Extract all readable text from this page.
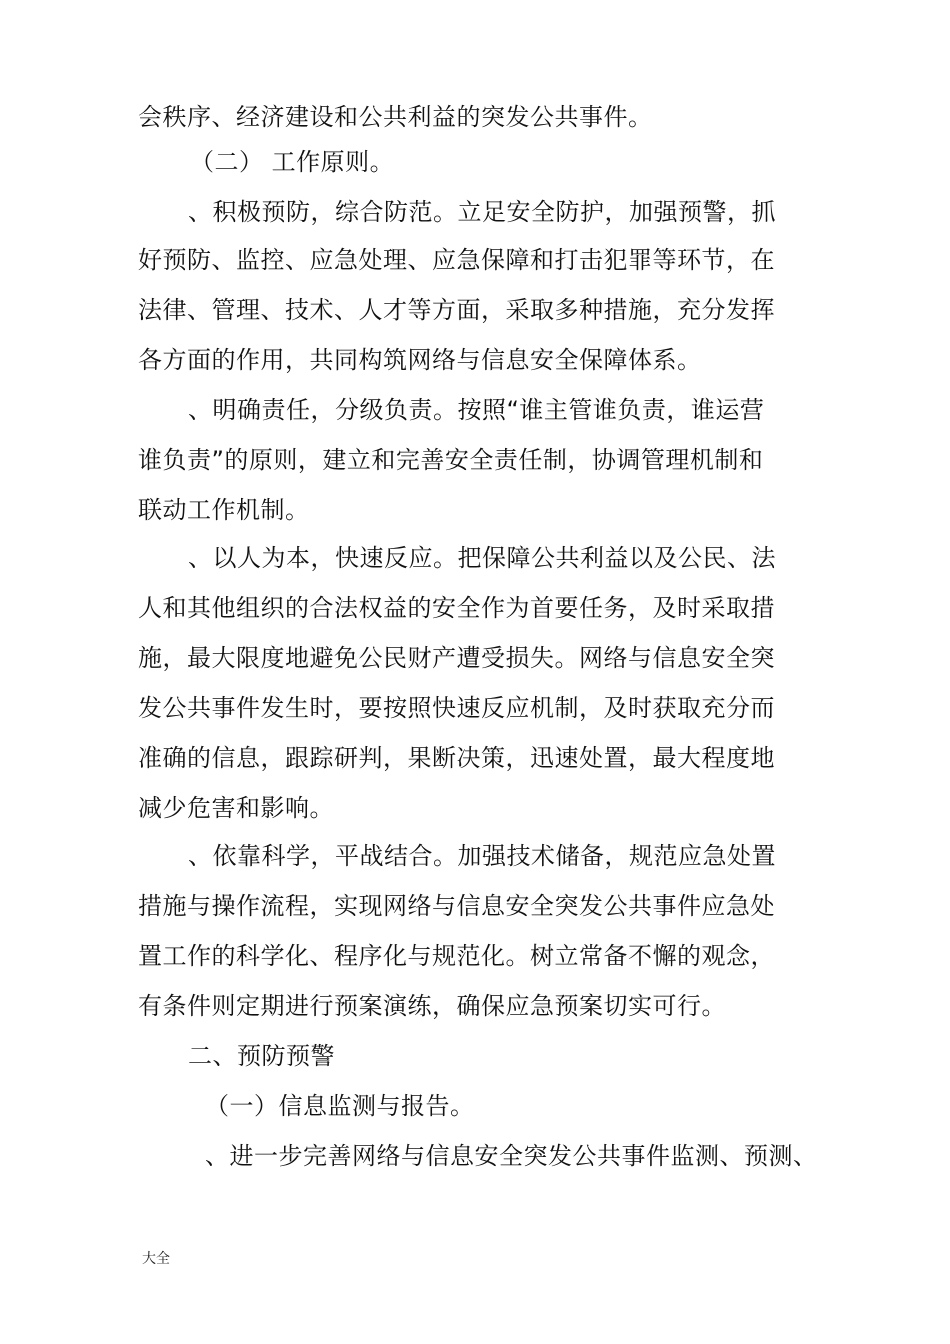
会秩序、经济建设和公共利益的突发公共事件。
（二） 工作原则。
、积极预防，综合防范。立足安全防护，加强预警，抓
好预防、监控、应急处理、应急保障和打击犯罪等环节，在
法律、管理、技术、人才等方面，采取多种措施，充分发挥
各方面的作用，共同构筑网络与信息安全保障体系。
、明确责任，分级负责。按照“谁主管谁负责，谁运营
谁负责”的原则，建立和完善安全责任制，协调管理机制和
联动工作机制。
、以人为本，快速反应。把保障公共利益以及公民、法
人和其他组织的合法权益的安全作为首要任务，及时采取措
施，最大限度地避免公民财产遭受损失。网络与信息安全突
发公共事件发生时，要按照快速反应机制，及时获取充分而
准确的信息，跟踪研判，果断决策，迅速处置，最大程度地
减少危害和影响。
、依靠科学，平战结合。加强技术储备，规范应急处置
措施与操作流程，实现网络与信息安全突发公共事件应急处
置工作的科学化、程序化与规范化。树立常备不懈的观念，
有条件则定期进行预案演练，确保应急预案切实可行。
二、预防预警
（一）信息监测与报告。
、进一步完善网络与信息安全突发公共事件监测、预测、
大全
